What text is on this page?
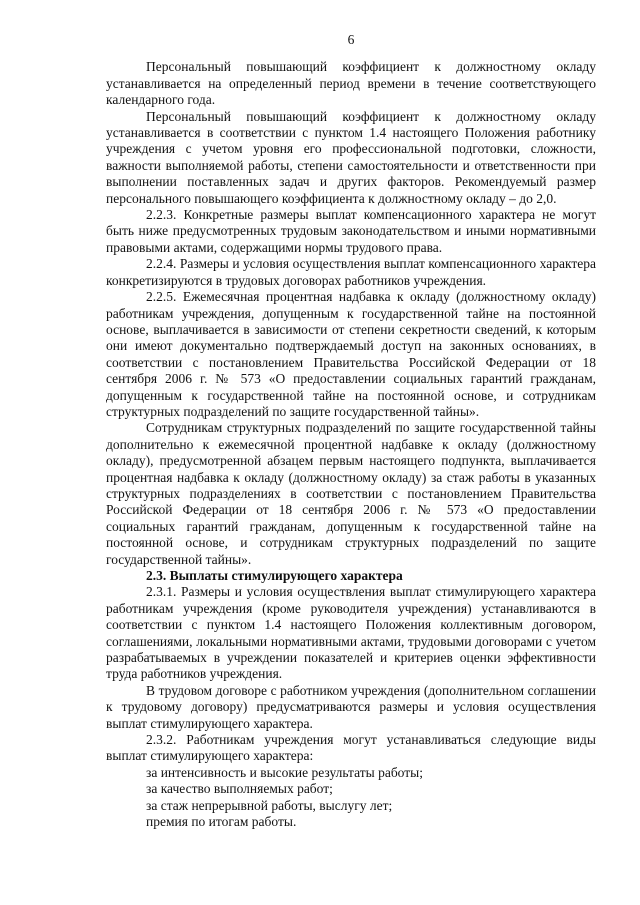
6

Персональный повышающий коэффициент к должностному окладу устанавливается на определенный период времени в течение соответствующего календарного года.

Персональный повышающий коэффициент к должностному окладу устанавливается в соответствии с пунктом 1.4 настоящего Положения работнику учреждения с учетом уровня его профессиональной подготовки, сложности, важности выполняемой работы, степени самостоятельности и ответственности при выполнении поставленных задач и других факторов. Рекомендуемый размер персонального повышающего коэффициента к должностному окладу – до 2,0.

2.2.3. Конкретные размеры выплат компенсационного характера не могут быть ниже предусмотренных трудовым законодательством и иными нормативными правовыми актами, содержащими нормы трудового права.

2.2.4. Размеры и условия осуществления выплат компенсационного характера конкретизируются в трудовых договорах работников учреждения.

2.2.5. Ежемесячная процентная надбавка к окладу (должностному окладу) работникам учреждения, допущенным к государственной тайне на постоянной основе, выплачивается в зависимости от степени секретности сведений, к которым они имеют документально подтверждаемый доступ на законных основаниях, в соответствии с постановлением Правительства Российской Федерации от 18 сентября 2006 г. № 573 «О предоставлении социальных гарантий гражданам, допущенным к государственной тайне на постоянной основе, и сотрудникам структурных подразделений по защите государственной тайны».

Сотрудникам структурных подразделений по защите государственной тайны дополнительно к ежемесячной процентной надбавке к окладу (должностному окладу), предусмотренной абзацем первым настоящего подпункта, выплачивается процентная надбавка к окладу (должностному окладу) за стаж работы в указанных структурных подразделениях в соответствии с постановлением Правительства Российской Федерации от 18 сентября 2006 г. № 573 «О предоставлении социальных гарантий гражданам, допущенным к государственной тайне на постоянной основе, и сотрудникам структурных подразделений по защите государственной тайны».

2.3. Выплаты стимулирующего характера

2.3.1. Размеры и условия осуществления выплат стимулирующего характера работникам учреждения (кроме руководителя учреждения) устанавливаются в соответствии с пунктом 1.4 настоящего Положения коллективным договором, соглашениями, локальными нормативными актами, трудовыми договорами с учетом разрабатываемых в учреждении показателей и критериев оценки эффективности труда работников учреждения.

В трудовом договоре с работником учреждения (дополнительном соглашении к трудовому договору) предусматриваются размеры и условия осуществления выплат стимулирующего характера.

2.3.2. Работникам учреждения могут устанавливаться следующие виды выплат стимулирующего характера:

за интенсивность и высокие результаты работы;

за качество выполняемых работ;

за стаж непрерывной работы, выслугу лет;

премия по итогам работы.
